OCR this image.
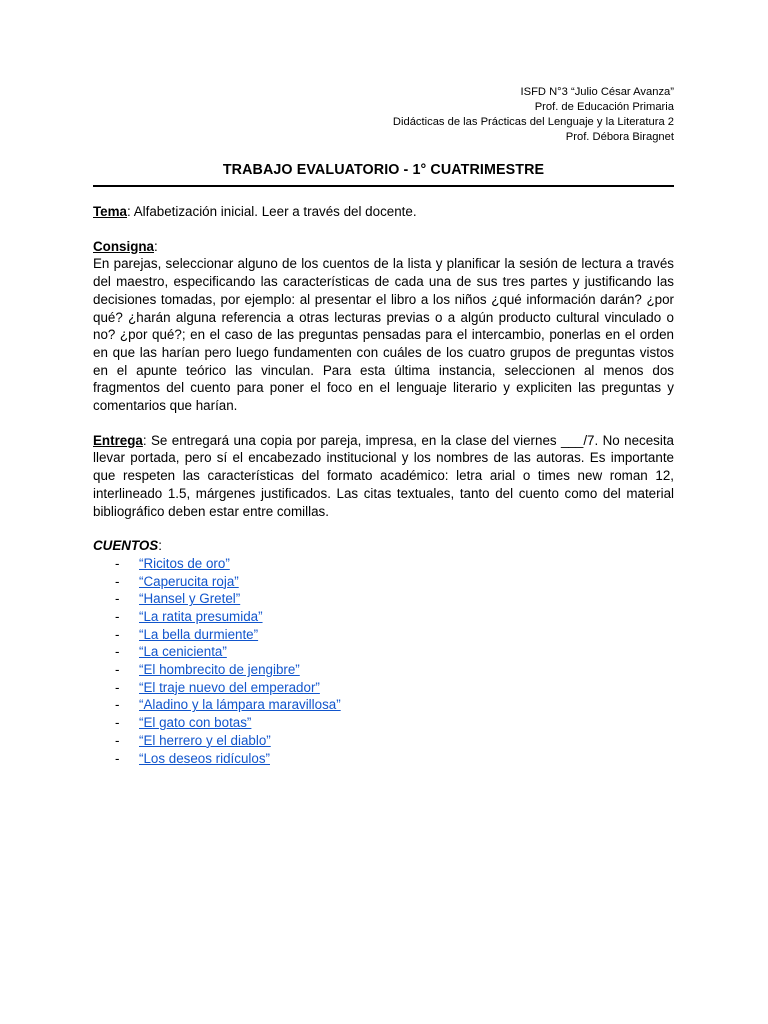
ISFD N°3 “Julio César Avanza”
Prof. de Educación Primaria
Didácticas de las Prácticas del Lenguaje y la Literatura 2
Prof. Débora Biragnet
TRABAJO EVALUATORIO - 1° CUATRIMESTRE
Tema: Alfabetización inicial. Leer a través del docente.
Consigna:
En parejas, seleccionar alguno de los cuentos de la lista y planificar la sesión de lectura a través del maestro, especificando las características de cada una de sus tres partes y justificando las decisiones tomadas, por ejemplo: al presentar el libro a los niños ¿qué información darán? ¿por qué? ¿harán alguna referencia a otras lecturas previas o a algún producto cultural vinculado o no? ¿por qué?; en el caso de las preguntas pensadas para el intercambio, ponerlas en el orden en que las harían pero luego fundamenten con cuáles de los cuatro grupos de preguntas vistos en el apunte teórico las vinculan. Para esta última instancia, seleccionen al menos dos fragmentos del cuento para poner el foco en el lenguaje literario y expliciten las preguntas y comentarios que harían.
Entrega: Se entregará una copia por pareja, impresa, en la clase del viernes ___/7. No necesita llevar portada, pero sí el encabezado institucional y los nombres de las autoras. Es importante que respeten las características del formato académico: letra arial o times new roman 12, interlineado 1.5, márgenes justificados. Las citas textuales, tanto del cuento como del material bibliográfico deben estar entre comillas.
CUENTOS:
- “Ricitos de oro”
- “Caperucita roja”
- “Hansel y Gretel”
- “La ratita presumida”
- “La bella durmiente”
- “La cenicienta”
- “El hombrecito de jengibre”
- “El traje nuevo del emperador”
- “Aladino y la lámpara maravillosa”
- “El gato con botas”
- “El herrero y el diablo”
- “Los deseos ridículos”
